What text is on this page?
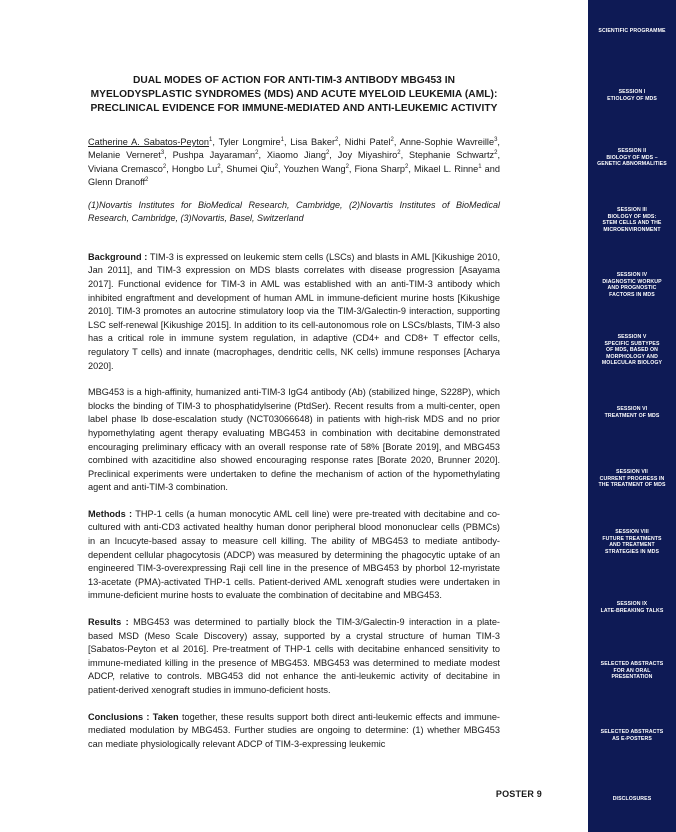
DUAL MODES OF ACTION FOR ANTI-TIM-3 ANTIBODY MBG453 IN
MYELODYSPLASTIC SYNDROMES (MDS) AND ACUTE MYELOID LEUKEMIA (AML):
PRECLINICAL EVIDENCE FOR IMMUNE-MEDIATED AND ANTI-LEUKEMIC ACTIVITY
Catherine A. Sabatos-Peyton$^1$, Tyler Longmire$^1$, Lisa Baker$^2$, Nidhi Patel$^2$, Anne-Sophie Wavreille$^3$, Melanie Verneret$^3$, Pushpa Jayaraman$^2$, Xiaomo Jiang$^2$, Joy Miyashiro$^2$, Stephanie Schwartz$^2$, Viviana Cremasco$^2$, Hongbo Lu$^2$, Shumei Qiu$^2$, Youzhen Wang$^2$, Fiona Sharp$^2$, Mikael L. Rinne$^1$ and Glenn Dranoff$^2$
(1)Novartis Institutes for BioMedical Research, Cambridge, (2)Novartis Institutes of BioMedical Research, Cambridge, (3)Novartis, Basel, Switzerland

Background : TIM-3 is expressed on leukemic stem cells (LSCs) and blasts in AML [Kikushige 2010, Jan 2011], and TIM-3 expression on MDS blasts correlates with disease progression [Asayama 2017]. Functional evidence for TIM-3 in AML was established with an anti-TIM-3 antibody which inhibited engraftment and development of human AML in immune-deficient murine hosts [Kikushige 2010]. TIM-3 promotes an autocrine stimulatory loop via the TIM-3/Galectin-9 interaction, supporting LSC self-renewal [Kikushige 2015]. In addition to its cell-autonomous role on LSCs/blasts, TIM-3 also has a critical role in immune system regulation, in adaptive (CD4+ and CD8+ T effector cells, regulatory T cells) and innate (macrophages, dendritic cells, NK cells) immune responses [Acharya 2020].

MBG453 is a high-affinity, humanized anti-TIM-3 IgG4 antibody (Ab) (stabilized hinge, S228P), which blocks the binding of TIM-3 to phosphatidylserine (PtdSer). Recent results from a multi-center, open label phase Ib dose-escalation study (NCT03066648) in patients with high-risk MDS and no prior hypomethylating agent therapy evaluating MBG453 in combination with decitabine demonstrated encouraging preliminary efficacy with an overall response rate of 58% [Borate 2019], and MBG453 combined with azacitidine also showed encouraging response rates [Borate 2020, Brunner 2020]. Preclinical experiments were undertaken to define the mechanism of action of the hypomethylating agent and anti-TIM-3 combination.

Methods : THP-1 cells (a human monocytic AML cell line) were pre-treated with decitabine and co-cultured with anti-CD3 activated healthy human donor peripheral blood mononuclear cells (PBMCs) in an Incucyte-based assay to measure cell killing. The ability of MBG453 to mediate antibody-dependent cellular phagocytosis (ADCP) was measured by determining the phagocytic uptake of an engineered TIM-3-overexpressing Raji cell line in the presence of MBG453 by phorbol 12-myristate 13-acetate (PMA)-activated THP-1 cells. Patient-derived AML xenograft studies were undertaken in immune-deficient murine hosts to evaluate the combination of decitabine and MBG453.

Results : MBG453 was determined to partially block the TIM-3/Galectin-9 interaction in a plate-based MSD (Meso Scale Discovery) assay, supported by a crystal structure of human TIM-3 [Sabatos-Peyton et al 2016]. Pre-treatment of THP-1 cells with decitabine enhanced sensitivity to immune-mediated killing in the presence of MBG453. MBG453 was determined to mediate modest ADCP, relative to controls. MBG453 did not enhance the anti-leukemic activity of decitabine in patient-derived xenograft studies in immuno-deficient hosts.

Conclusions : Taken together, these results support both direct anti-leukemic effects and immune-mediated modulation by MBG453. Further studies are ongoing to determine: (1) whether MBG453 can mediate physiologically relevant ADCP of TIM-3-expressing leukemic

POSTER 9
SCIENTIFIC PROGRAMME
SESSION I
ETIOLOGY OF MDS
SESSION II
BIOLOGY OF MDS –
GENETIC ABNORMALITIES
SESSION III
BIOLOGY OF MDS:
STEM CELLS AND THE
MICROENVIRONMENT
SESSION IV
DIAGNOSTIC WORKUP
AND PROGNOSTIC
FACTORS IN MDS
SESSION V
SPECIFIC SUBTYPES
OF MDS, BASED ON
MORPHOLOGY AND
MOLECULAR BIOLOGY
SESSION VI
TREATMENT OF MDS
SESSION VII
CURRENT PROGRESS IN
THE TREATMENT OF MDS
SESSION VIII
FUTURE TREATMENTS
AND TREATMENT
STRATEGIES IN MDS
SESSION IX
LATE-BREAKING TALKS
SELECTED ABSTRACTS
FOR AN ORAL
PRESENTATION
SELECTED ABSTRACTS
AS E-POSTERS
DISCLOSURES
